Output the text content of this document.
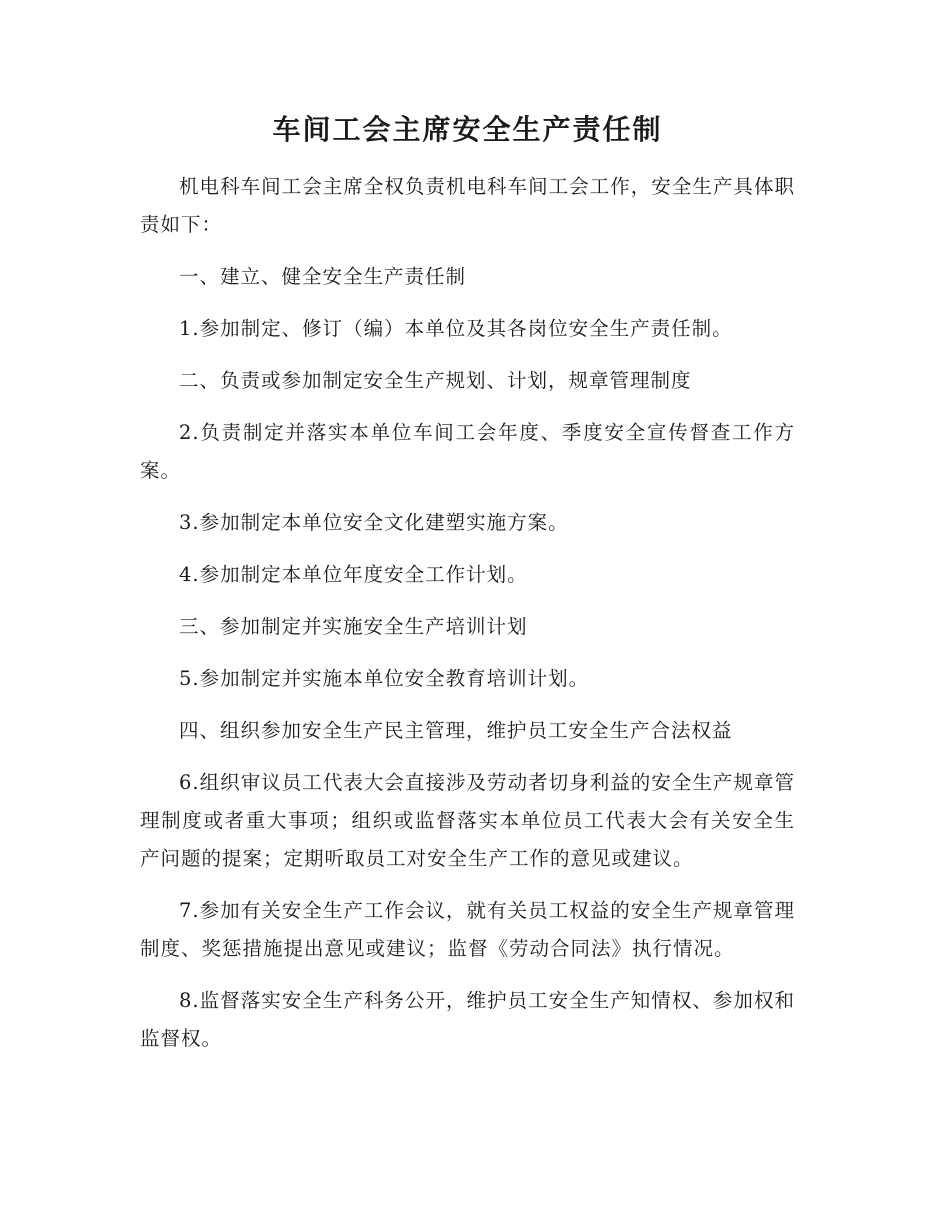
车间工会主席安全生产责任制

机电科车间工会主席全权负责机电科车间工会工作，安全生产具体职责如下：

一、建立、健全安全生产责任制

1.参加制定、修订（编）本单位及其各岗位安全生产责任制。

二、负责或参加制定安全生产规划、计划，规章管理制度

2.负责制定并落实本单位车间工会年度、季度安全宣传督查工作方案。

3.参加制定本单位安全文化建塑实施方案。

4.参加制定本单位年度安全工作计划。

三、参加制定并实施安全生产培训计划

5.参加制定并实施本单位安全教育培训计划。

四、组织参加安全生产民主管理，维护员工安全生产合法权益

6.组织审议员工代表大会直接涉及劳动者切身利益的安全生产规章管理制度或者重大事项；组织或监督落实本单位员工代表大会有关安全生产问题的提案；定期听取员工对安全生产工作的意见或建议。

7.参加有关安全生产工作会议，就有关员工权益的安全生产规章管理制度、奖惩措施提出意见或建议；监督《劳动合同法》执行情况。

8.监督落实安全生产科务公开，维护员工安全生产知情权、参加权和监督权。
